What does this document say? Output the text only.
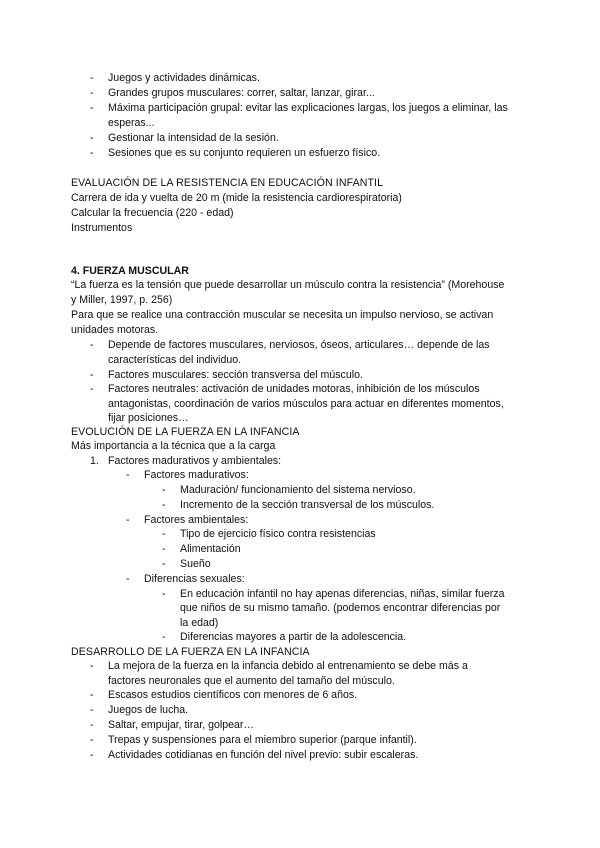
- Juegos y actividades dinámicas.
- Grandes grupos musculares: correr, saltar, lanzar, girar...
- Máxima participación grupal: evitar las explicaciones largas, los juegos a eliminar, las
esperas...
- Gestionar la intensidad de la sesión.
- Sesiones que es su conjunto requieren un esfuerzo físico.
EVALUACIÓN DE LA RESISTENCIA EN EDUCACIÓN INFANTIL
Carrera de ida y vuelta de 20 m (mide la resistencia cardiorespiratoria)
Calcular la frecuencia (220 - edad)
Instrumentos
4. FUERZA MUSCULAR
“La fuerza es la tensión que puede desarrollar un músculo contra la resistencia” (Morehouse
y Miller, 1997, p. 256)
Para que se realice una contracción muscular se necesita un impulso nervioso, se activan
unidades motoras.
- Depende de factores musculares, nerviosos, óseos, articulares… depende de las
características del individuo.
- Factores musculares: sección transversa del músculo.
- Factores neutrales: activación de unidades motoras, inhibición de los músculos
antagonistas, coordinación de varios músculos para actuar en diferentes momentos,
fijar posiciones…
EVOLUCIÓN DE LA FUERZA EN LA INFANCIA
Más importancia a la técnica que a la carga
1. Factores madurativos y ambientales:
- Factores madurativos:
- Maduración/ funcionamiento del sistema nervioso.
- Incremento de la sección transversal de los músculos.
- Factores ambientales:
- Tipo de ejercicio físico contra resistencias
- Alimentación
- Sueño
- Diferencias sexuales:
- En educación infantil no hay apenas diferencias, niñas, similar fuerza
que niños de su mismo tamaño. (podemos encontrar diferencias por
la edad)
- Diferencias mayores a partir de la adolescencia.
DESARROLLO DE LA FUERZA EN LA INFANCIA
- La mejora de la fuerza en la infancia debido al entrenamiento se debe más a
factores neuronales que el aumento del tamaño del músculo.
- Escasos estudios científicos con menores de 6 años.
- Juegos de lucha.
- Saltar, empujar, tirar, golpear…
- Trepas y suspensiones para el miembro superior (parque infantil).
- Actividades cotidianas en función del nivel previo: subir escaleras.
